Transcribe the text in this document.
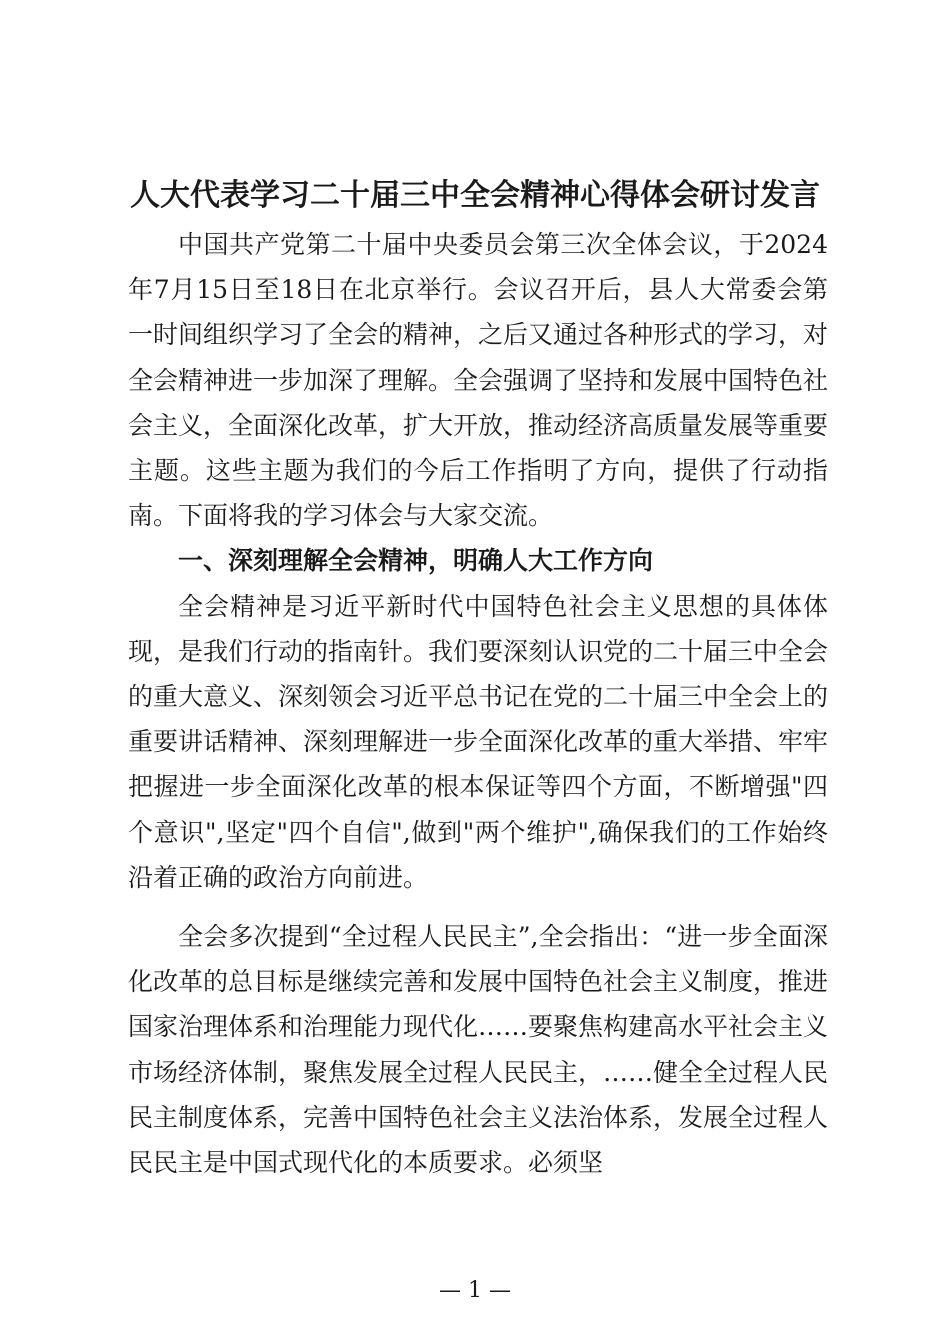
人大代表学习二十届三中全会精神心得体会研讨发言

中国共产党第二十届中央委员会第三次全体会议，于2024年7月15日至18日在北京举行。会议召开后，县人大常委会第一时间组织学习了全会的精神，之后又通过各种形式的学习，对全会精神进一步加深了理解。全会强调了坚持和发展中国特色社会主义，全面深化改革，扩大开放，推动经济高质量发展等重要主题。这些主题为我们的今后工作指明了方向，提供了行动指南。下面将我的学习体会与大家交流。

一、深刻理解全会精神，明确人大工作方向

全会精神是习近平新时代中国特色社会主义思想的具体体现，是我们行动的指南针。我们要深刻认识党的二十届三中全会的重大意义、深刻领会习近平总书记在党的二十届三中全会上的重要讲话精神、深刻理解进一步全面深化改革的重大举措、牢牢把握进一步全面深化改革的根本保证等四个方面，不断增强"四个意识",坚定"四个自信",做到"两个维护",确保我们的工作始终沿着正确的政治方向前进。

全会多次提到“全过程人民民主”,全会指出：“进一步全面深化改革的总目标是继续完善和发展中国特色社会主义制度，推进国家治理体系和治理能力现代化……要聚焦构建高水平社会主义市场经济体制，聚焦发展全过程人民民主，……健全全过程人民民主制度体系，完善中国特色社会主义法治体系，发展全过程人民民主是中国式现代化的本质要求。必须坚

— 1 —
